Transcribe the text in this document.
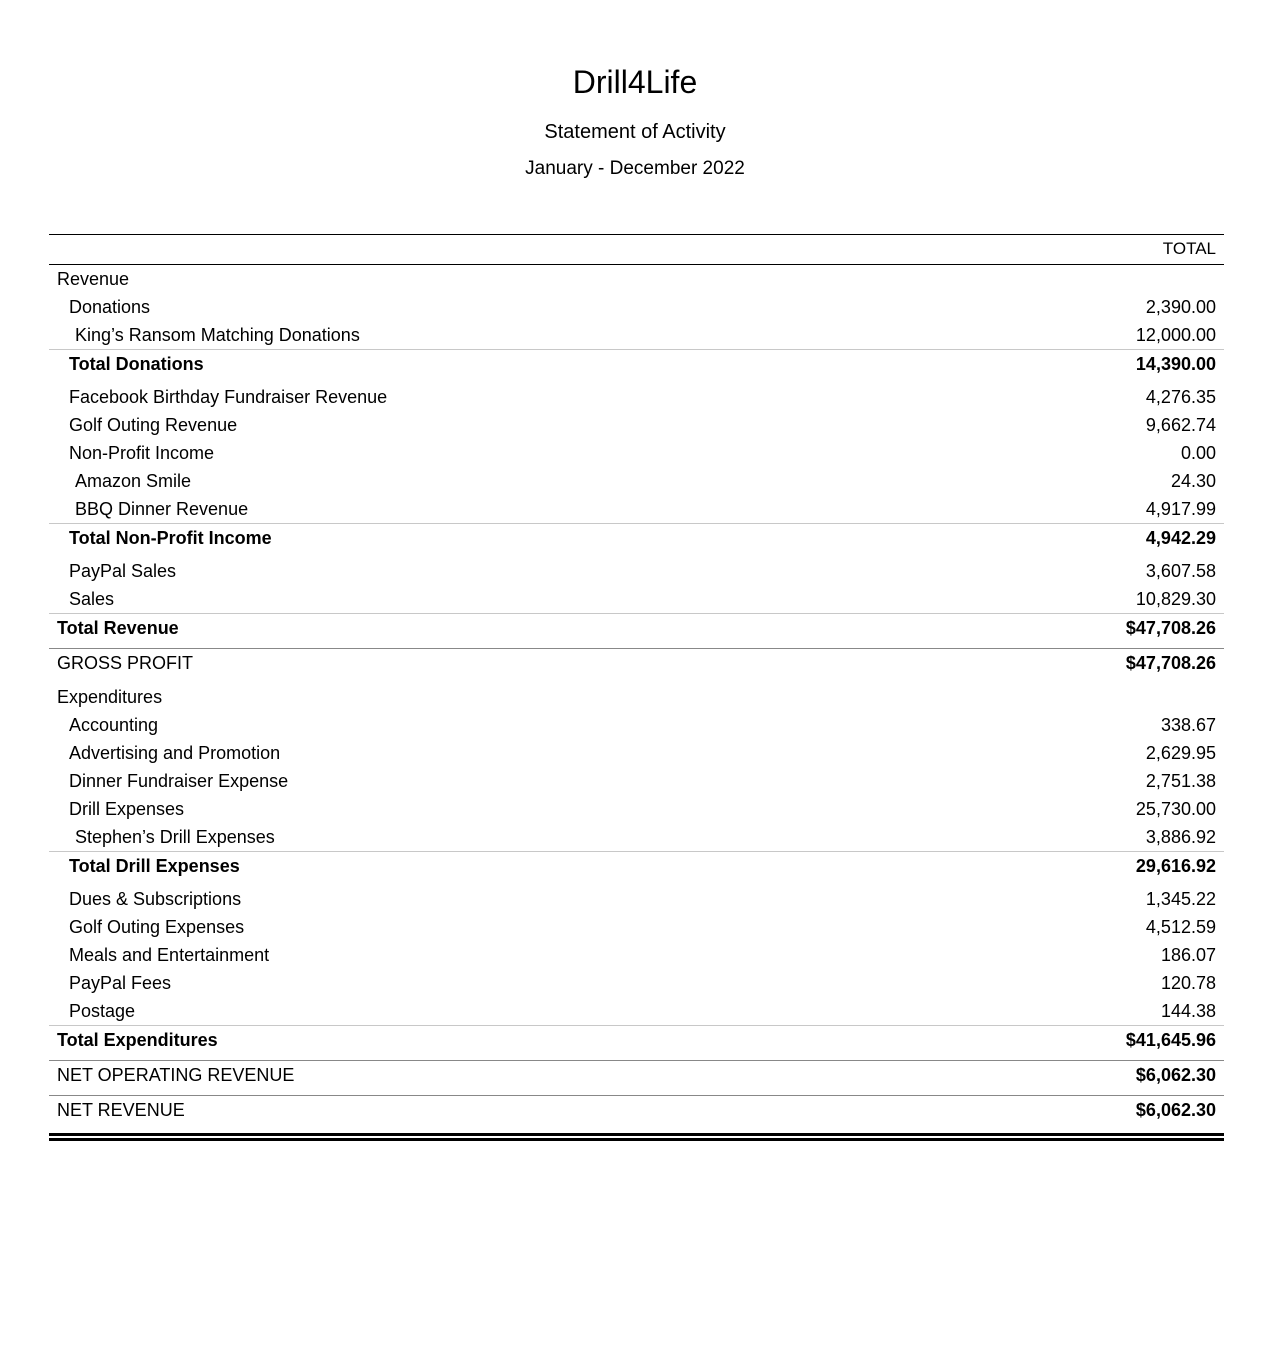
Drill4Life
Statement of Activity
January - December 2022
TOTAL
Revenue
Donations	2,390.00
King’s Ransom Matching Donations	12,000.00
Total Donations	14,390.00
Facebook Birthday Fundraiser Revenue	4,276.35
Golf Outing Revenue	9,662.74
Non-Profit Income	0.00
Amazon Smile	24.30
BBQ Dinner Revenue	4,917.99
Total Non-Profit Income	4,942.29
PayPal Sales	3,607.58
Sales	10,829.30
Total Revenue	$47,708.26
GROSS PROFIT	$47,708.26
Expenditures
Accounting	338.67
Advertising and Promotion	2,629.95
Dinner Fundraiser Expense	2,751.38
Drill Expenses	25,730.00
Stephen’s Drill Expenses	3,886.92
Total Drill Expenses	29,616.92
Dues & Subscriptions	1,345.22
Golf Outing Expenses	4,512.59
Meals and Entertainment	186.07
PayPal Fees	120.78
Postage	144.38
Total Expenditures	$41,645.96
NET OPERATING REVENUE	$6,062.30
NET REVENUE	$6,062.30
